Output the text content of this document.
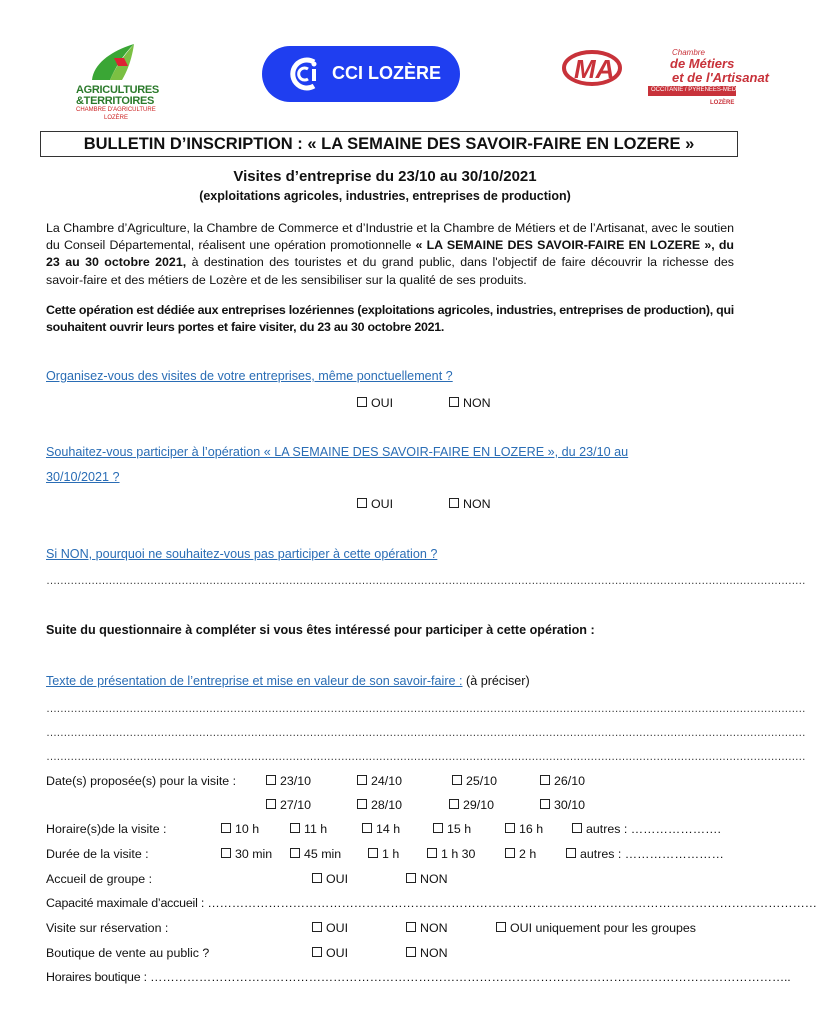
AGRICULTURES
&TERRITOIRES
CHAMBRE D'AGRICULTURE
LOZÈRE
CCI LOZÈRE	MA
Chambre
de Métiers
et de l'Artisanat
OCCITANIE / PYRÉNÉES-MÉDITERRANÉE
LOZÈRE
BULLETIN D’INSCRIPTION : « LA SEMAINE DES SAVOIR-FAIRE EN LOZERE »
Visites d’entreprise du 23/10 au 30/10/2021
(exploitations agricoles, industries, entreprises de production)
La Chambre d’Agriculture, la Chambre de Commerce et d’Industrie et la Chambre de Métiers et de l’Artisanat, avec le soutien du Conseil Départemental, réalisent une opération promotionnelle « LA SEMAINE DES SAVOIR-FAIRE EN LOZERE », du 23 au 30 octobre 2021, à destination des touristes et du grand public, dans l'objectif de faire découvrir la richesse des savoir-faire et des métiers de Lozère et de les sensibiliser sur la qualité de ses produits.
Cette opération est dédiée aux entreprises lozériennes (exploitations agricoles, industries, entreprises de production), qui souhaitent ouvrir leurs portes et faire visiter, du 23 au 30 octobre 2021.
Organisez-vous des visites de votre entreprises, même ponctuellement ?
OUI	NON
Souhaitez-vous participer à l’opération « LA SEMAINE DES SAVOIR-FAIRE EN LOZERE », du 23/10 au
30/10/2021 ?
OUI	NON
Si NON, pourquoi ne souhaitez-vous pas participer à cette opération ?
…………………………………………………………………………………………………………………………………………………………………………………………………
Suite du questionnaire à compléter si vous êtes intéressé pour participer à cette opération :
Texte de présentation de l’entreprise et mise en valeur de son savoir-faire : (à préciser)
…………………………………………………………………………………………………………………………………………………………………………………………………
…………………………………………………………………………………………………………………………………………………………………………………………………
…………………………………………………………………………………………………………………………………………………………………………………………………
Date(s) proposée(s) pour la visite :	23/10	24/10	25/10	26/10
27/10	28/10	29/10	30/10
Horaire(s)de la visite :	10 h	11 h	14 h	15 h	16 h	autres : ………………….
Durée de la visite :	30 min	45 min	1 h	1 h 30	2 h	autres : ……………………
Accueil de groupe :	OUI	NON
Capacité maximale d’accueil : ……………………………………………………………………………………………………………………………………
Visite sur réservation :	OUI	NON	OUI uniquement pour les groupes
Boutique de vente au public ?	OUI	NON
Horaires boutique : …………………………………………………………………………………………………………………………………………..
